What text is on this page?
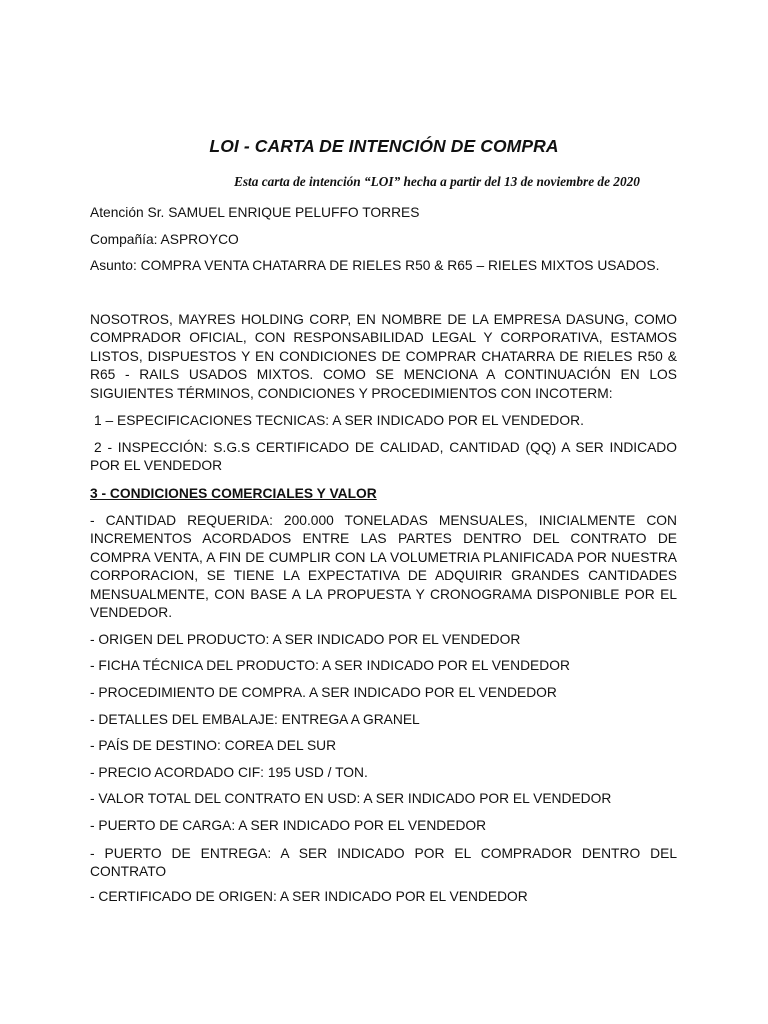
LOI - CARTA DE INTENCIÓN DE COMPRA
Esta carta de intención “LOI” hecha a partir del 13 de noviembre de 2020
Atención Sr. SAMUEL ENRIQUE PELUFFO TORRES
Compañía: ASPROYCO
Asunto: COMPRA VENTA CHATARRA DE RIELES R50 & R65 – RIELES MIXTOS USADOS.
NOSOTROS, MAYRES HOLDING CORP, EN NOMBRE DE LA EMPRESA DASUNG, COMO COMPRADOR OFICIAL, CON RESPONSABILIDAD LEGAL Y CORPORATIVA, ESTAMOS LISTOS, DISPUESTOS Y EN CONDICIONES DE COMPRAR CHATARRA DE RIELES R50 & R65 - RAILS USADOS MIXTOS. COMO SE MENCIONA A CONTINUACIÓN EN LOS SIGUIENTES TÉRMINOS, CONDICIONES Y PROCEDIMIENTOS CON INCOTERM:
1 – ESPECIFICACIONES TECNICAS: A SER INDICADO POR EL VENDEDOR.
2 - INSPECCIÓN: S.G.S CERTIFICADO DE CALIDAD, CANTIDAD (QQ) A SER INDICADO POR EL VENDEDOR
3 - CONDICIONES COMERCIALES Y VALOR
- CANTIDAD REQUERIDA: 200.000 TONELADAS MENSUALES, INICIALMENTE CON INCREMENTOS ACORDADOS ENTRE LAS PARTES DENTRO DEL CONTRATO DE COMPRA VENTA, A FIN DE CUMPLIR CON LA VOLUMETRIA PLANIFICADA POR NUESTRA CORPORACION, SE TIENE LA EXPECTATIVA DE ADQUIRIR GRANDES CANTIDADES MENSUALMENTE, CON BASE A LA PROPUESTA Y CRONOGRAMA DISPONIBLE POR EL VENDEDOR.
- ORIGEN DEL PRODUCTO: A SER INDICADO POR EL VENDEDOR
- FICHA TÉCNICA DEL PRODUCTO: A SER INDICADO POR EL VENDEDOR
- PROCEDIMIENTO DE COMPRA. A SER INDICADO POR EL VENDEDOR
- DETALLES DEL EMBALAJE: ENTREGA A GRANEL
- PAÍS DE DESTINO: COREA DEL SUR
- PRECIO ACORDADO CIF: 195 USD / TON.
- VALOR TOTAL DEL CONTRATO EN USD: A SER INDICADO POR EL VENDEDOR
- PUERTO DE CARGA: A SER INDICADO POR EL VENDEDOR
- PUERTO DE ENTREGA: A SER INDICADO POR EL COMPRADOR DENTRO DEL CONTRATO
- CERTIFICADO DE ORIGEN: A SER INDICADO POR EL VENDEDOR
